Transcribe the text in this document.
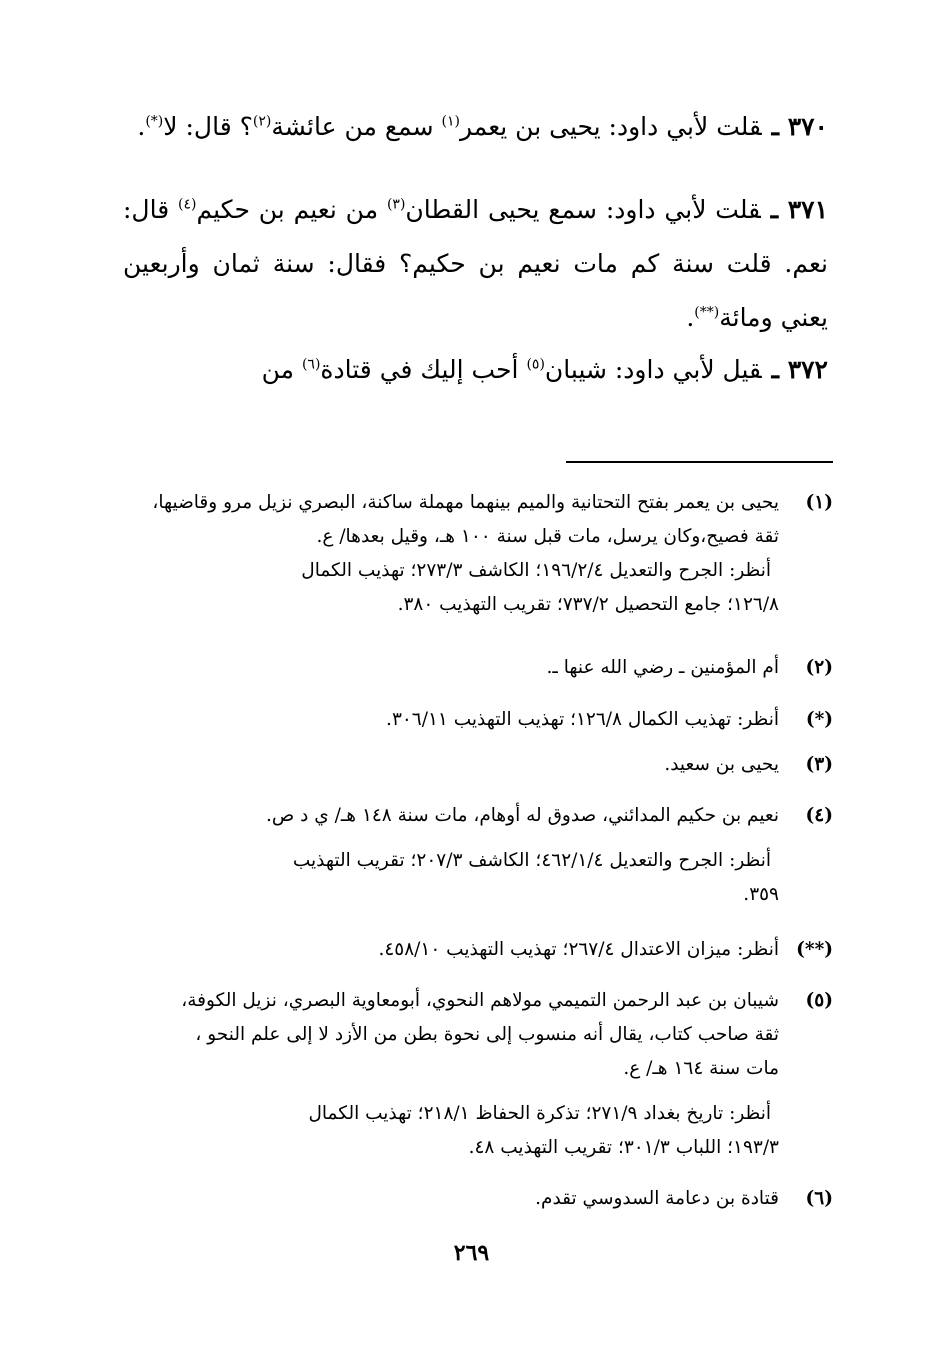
٣٧٠ ـقلت لأبي داود: يحيى بن يعمر$^{(١)}$ سمع من عائشة$^{(٢)}$؟ قال: لا(*).
٣٧١ ـقلت لأبي داود: سمع يحيى القطان$^{(٣)}$ من نعيم بن حكيم$^{(٤)}$ قال: نعم. قلت سنة كم مات نعيم بن حكيم؟ فقال: سنة ثمان وأربعين يعني ومائة(**).
٣٧٢ ـقيل لأبي داود: شيبان$^{(٥)}$ أحب إليك في قتادة$^{(٦)}$ من
(١)يحيى بن يعمر بفتح التحتانية والميم بينهما مهملة ساكنة، البصري نزيل مرو وقاضيها،

ثقة فصيح،وكان يرسل، مات قبل سنة ١٠٠ هـ، وقيل بعدها/ ع.

أنظر: الجرح والتعديل ١٩٦/٢/٤؛ الكاشف ٢٧٣/٣؛ تهذيب الكمال

١٢٦/٨؛ جامع التحصيل ٧٣٧/٢؛ تقريب التهذيب ٣٨٠.

(٢)أم المؤمنين ـ رضي الله عنها ـ.
(*)أنظر: تهذيب الكمال ١٢٦/٨؛ تهذيب التهذيب ٣٠٦/١١.
(٣)يحيى بن سعيد.
(٤)نعيم بن حكيم المدائني، صدوق له أوهام، مات سنة ١٤٨ هـ/ ي د ص.

أنظر: الجرح والتعديل ٤٦٢/١/٤؛ الكاشف ٢٠٧/٣؛ تقريب التهذيب

٣٥٩.

(**)أنظر: ميزان الاعتدال ٢٦٧/٤؛ تهذيب التهذيب ٤٥٨/١٠.
(٥)شيبان بن عبد الرحمن التميمي مولاهم النحوي، أبومعاوية البصري، نزيل الكوفة،

ثقة صاحب كتاب، يقال أنه منسوب إلى نحوة بطن من الأزد لا إلى علم النحو ،

مات سنة ١٦٤ هـ/ ع.

أنظر: تاريخ بغداد ٢٧١/٩؛ تذكرة الحفاظ ٢١٨/١؛ تهذيب الكمال

١٩٣/٣؛ اللباب ٣٠١/٣؛ تقريب التهذيب ٤٨.

(٦)قتادة بن دعامة السدوسي تقدم.
٢٦٩
